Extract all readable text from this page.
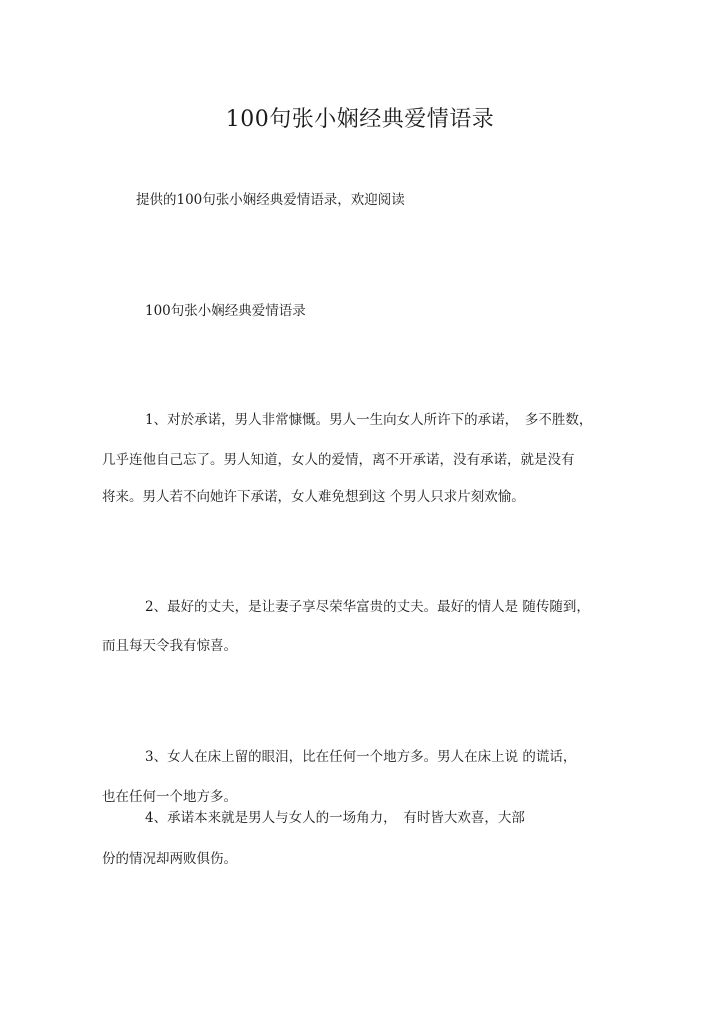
100句张小娴经典爱情语录
提供的100句张小娴经典爱情语录，欢迎阅读
100句张小娴经典爱情语录
1、对於承诺，男人非常慷慨。男人一生向女人所许下的承诺，　多不胜数，
几乎连他自己忘了。男人知道，女人的爱情，离不开承诺，没有承诺，就是没有
将来。男人若不向她许下承诺，女人难免想到这 个男人只求片刻欢愉。
2、最好的丈夫，是让妻子享尽荣华富贵的丈夫。最好的情人是 随传随到，
而且每天令我有惊喜。
3、女人在床上留的眼泪，比在任何一个地方多。男人在床上说 的谎话，
也在任何一个地方多。
4、承诺本来就是男人与女人的一场角力，　有时皆大欢喜，大部
份的情况却两败俱伤。
